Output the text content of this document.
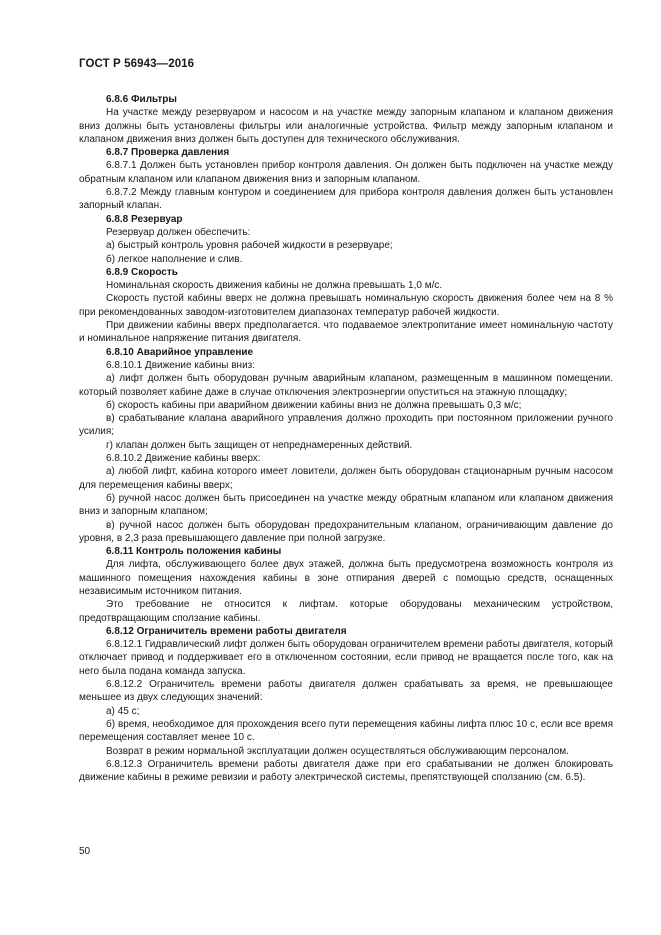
ГОСТ Р 56943—2016
6.8.6 Фильтры
На участке между резервуаром и насосом и на участке между запорным клапаном и клапаном движения вниз должны быть установлены фильтры или аналогичные устройства. Фильтр между запорным клапаном и клапаном движения вниз должен быть доступен для технического обслуживания.
6.8.7 Проверка давления
6.8.7.1 Должен быть установлен прибор контроля давления. Он должен быть подключен на участке между обратным клапаном или клапаном движения вниз и запорным клапаном.
6.8.7.2 Между главным контуром и соединением для прибора контроля давления должен быть установлен запорный клапан.
6.8.8 Резервуар
Резервуар должен обеспечить:
а) быстрый контроль уровня рабочей жидкости в резервуаре;
б) легкое наполнение и слив.
6.8.9 Скорость
Номинальная скорость движения кабины не должна превышать 1,0 м/с.
Скорость пустой кабины вверх не должна превышать номинальную скорость движения более чем на 8 % при рекомендованных заводом-изготовителем диапазонах температур рабочей жидкости.
При движении кабины вверх предполагается. что подаваемое электропитание имеет номинальную частоту и номинальное напряжение питания двигателя.
6.8.10 Аварийное управление
6.8.10.1 Движение кабины вниз:
а) лифт должен быть оборудован ручным аварийным клапаном, размещенным в машинном помещении. который позволяет кабине даже в случае отключения электроэнергии опуститься на этажную площадку;
б) скорость кабины при аварийном движении кабины вниз не должна превышать 0,3 м/с;
в) срабатывание клапана аварийного управления должно проходить при постоянном приложении ручного усилия;
г) клапан должен быть защищен от непреднамеренных действий.
6.8.10.2 Движение кабины вверх:
а) любой лифт, кабина которого имеет ловители, должен быть оборудован стационарным ручным насосом для перемещения кабины вверх;
б) ручной насос должен быть присоединен на участке между обратным клапаном или клапаном движения вниз и запорным клапаном;
в) ручной насос должен быть оборудован предохранительным клапаном, ограничивающим давление до уровня, в 2,3 раза превышающего давление при полной загрузке.
6.8.11 Контроль положения кабины
Для лифта, обслуживающего более двух этажей, должна быть предусмотрена возможность контроля из машинного помещения нахождения кабины в зоне отпирания дверей с помощью средств, оснащенных независимым источником питания.
Это требование не относится к лифтам. которые оборудованы механическим устройством, предотвращающим сползание кабины.
6.8.12 Ограничитель времени работы двигателя
6.8.12.1 Гидравлический лифт должен быть оборудован ограничителем времени работы двигателя, который отключает привод и поддерживает его в отключенном состоянии, если привод не вращается после того, как на него была подана команда запуска.
6.8.12.2 Ограничитель времени работы двигателя должен срабатывать за время, не превышающее меньшее из двух следующих значений:
а) 45 с;
б) время, необходимое для прохождения всего пути перемещения кабины лифта плюс 10 с, если все время перемещения составляет менее 10 с.
Возврат в режим нормальной эксплуатации должен осуществляться обслуживающим персоналом.
6.8.12.3 Ограничитель времени работы двигателя даже при его срабатывании не должен блокировать движение кабины в режиме ревизии и работу электрической системы, препятствующей сползанию (см. 6.5).
50
